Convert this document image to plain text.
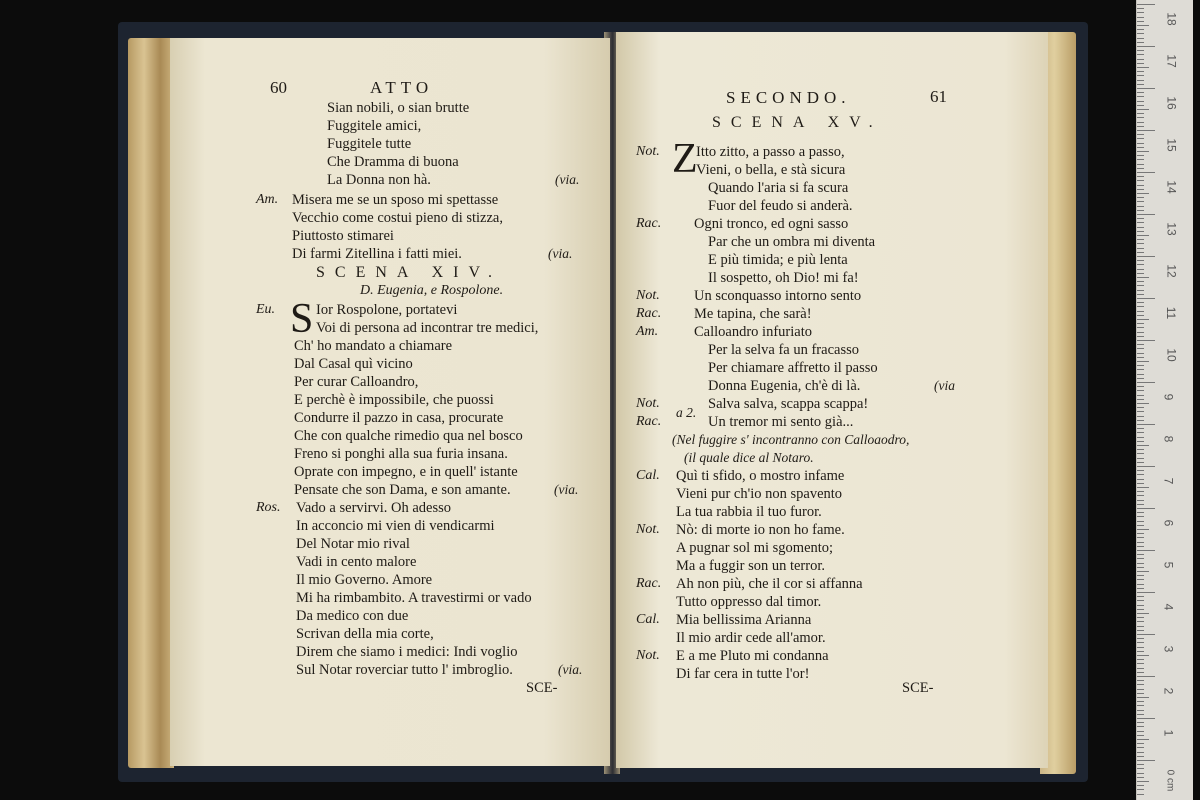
60	ATTO
Sian nobili, o sian brutte
Fuggitele amici,
Fuggitele tutte
Che Dramma di buona
La Donna non hà.	(via.
Am. Misera me se un sposo mi spettasse
Vecchio come costui pieno di stizza,
Piuttosto stimarei
Di farmi Zitellina i fatti miei.	(via.
SCENA XIV.
D. Eugenia, e Rospolone.
Eu. S Ior Rospolone, portatevi
Voi di persona ad incontrar tre medici,
Ch' ho mandato a chiamare
Dal Casal quì vicino
Per curar Calloandro,
E perchè è impossibile, che puossi
Condurre il pazzo in casa, procurate
Che con qualche rimedio qua nel bosco
Freno si ponghi alla sua furia insana.
Oprate con impegno, e in quell' istante
Pensate che son Dama, e son amante.	(via.
Ros. Vado a servirvi. Oh adesso
In acconcio mi vien di vendicarmi
Del Notar mio rival
Vadi in cento malore
Il mio Governo. Amore
Mi ha rimbambito. A travestirmi or vado
Da medico con due
Scrivan della mia corte,
Direm che siamo i medici: Indi voglio
Sul Notar roverciar tutto l' imbroglio.	(via.
SCE-
SECONDO.	61
SCENA XV.
Not. Z
Itto zitto, a passo a passo,
Vieni, o bella, e stà sicura
Quando l'aria si fa scura
Fuor del feudo si anderà.
Rac. Ogni tronco, ed ogni sasso
Par che un ombra mi diventa
E più timida; e più lenta
Il sospetto, oh Dio! mi fa!
Not. Un sconquasso intorno sento
Rac. Me tapina, che sarà!
Am. Calloandro infuriato
Per la selva fa un fracasso
Per chiamare affretto il passo
Donna Eugenia, ch'è di là.	(via
Not.
a 2.
Salva salva, scappa scappa!
Rac.	Un tremor mi sento già...
(Nel fuggire s' incontranno con Calloaodro,
(il quale dice al Notaro.
Cal. Quì ti sfido, o mostro infame
Vieni pur ch'io non spavento
La tua rabbia il tuo furor.
Not. Nò: di morte io non ho fame.
A pugnar sol mi sgomento;
Ma a fuggir son un terror.
Rac. Ah non più, che il cor si affanna
Tutto oppresso dal timor.
Cal. Mia bellissima Arianna
Il mio ardir cede all'amor.
Not. E a me Pluto mi condanna
Di far cera in tutte l'or!
SCE-
18
17
16
15
14
13
12
11
10
9
8
7
6
5
4
3
2
1
0 cm
